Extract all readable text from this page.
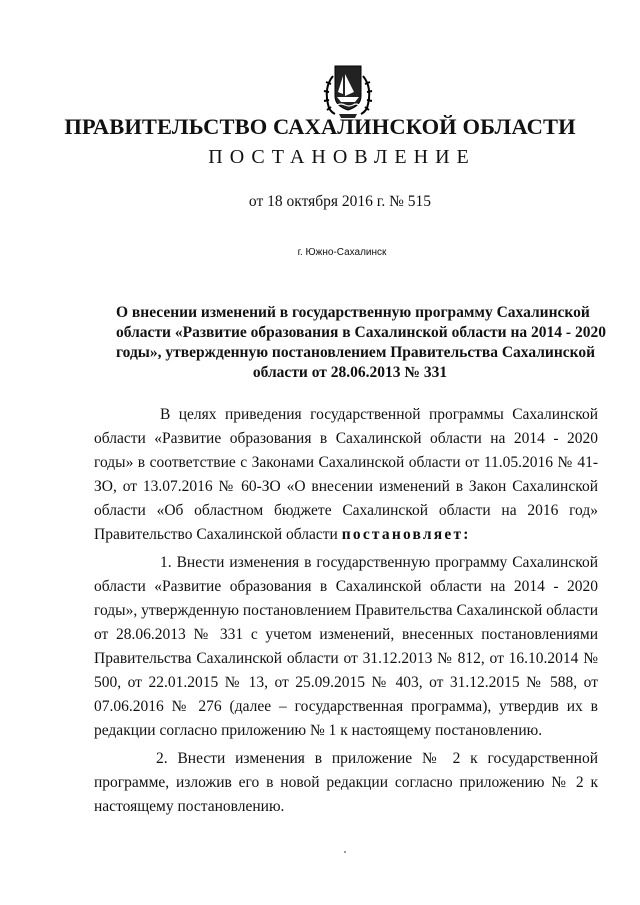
ПРАВИТЕЛЬСТВО САХАЛИНСКОЙ ОБЛАСТИ
ПОСТАНОВЛЕНИЕ
от 18 октября 2016 г. № 515
г. Южно-Сахалинск
О внесении изменений в государственную программу Сахалинской
области «Развитие образования в Сахалинской области на 2014 - 2020
годы», утвержденную постановлением Правительства Сахалинской
области от 28.06.2013 № 331

В целях приведения государственной программы Сахалинской области «Развитие образования в Сахалинской области на 2014 - 2020 годы» в соответствие с Законами Сахалинской области от 11.05.2016 № 41-ЗО, от 13.07.2016 № 60-ЗО «О внесении изменений в Закон Сахалинской области «Об областном бюджете Сахалинской области на 2016 год» Правительство Сахалинской области постановляет:

1. Внести изменения в государственную программу Сахалинской области «Развитие образования в Сахалинской области на 2014 - 2020 годы», утвержденную постановлением Правительства Сахалинской области от 28.06.2013 № 331 с учетом изменений, внесенных постановлениями Правительства Сахалинской области от 31.12.2013 № 812, от 16.10.2014 № 500, от 22.01.2015 № 13, от 25.09.2015 № 403, от 31.12.2015 № 588, от 07.06.2016 № 276 (далее – государственная программа), утвердив их в редакции согласно приложению № 1 к настоящему постановлению.

2. Внести изменения в приложение № 2 к государственной программе, изложив его в новой редакции согласно приложению № 2 к настоящему постановлению.
